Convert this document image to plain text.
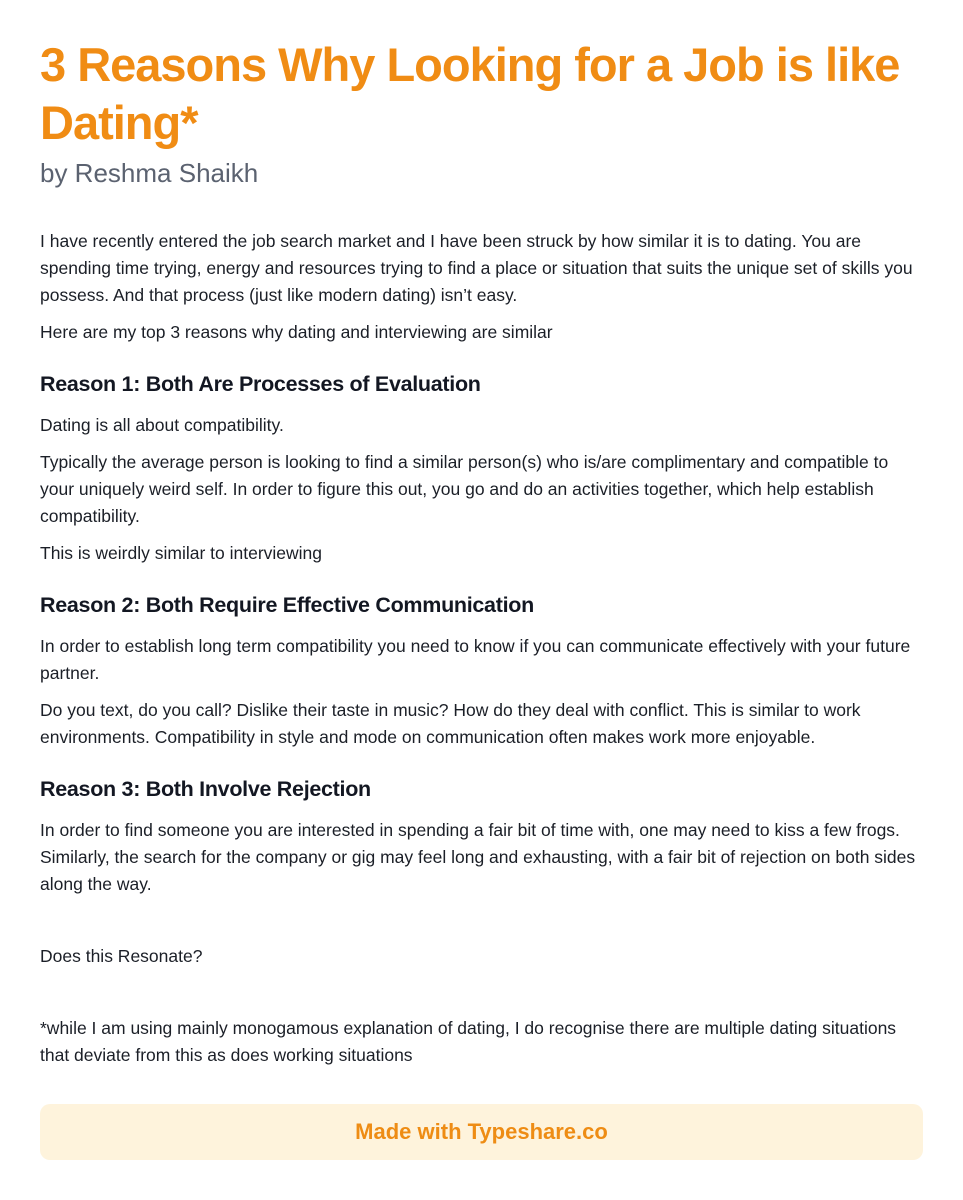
3 Reasons Why Looking for a Job is like Dating*
by Reshma Shaikh

I have recently entered the job search market and I have been struck by how similar it is to dating. You are spending time trying, energy and resources trying to find a place or situation that suits the unique set of skills you possess. And that process (just like modern dating) isn’t easy.

Here are my top 3 reasons why dating and interviewing are similar

Reason 1: Both Are Processes of Evaluation

Dating is all about compatibility.

Typically the average person is looking to find a similar person(s) who is/are complimentary and compatible to your uniquely weird self. In order to figure this out, you go and do an activities together, which help establish compatibility.

This is weirdly similar to interviewing

Reason 2: Both Require Effective Communication

In order to establish long term compatibility you need to know if you can communicate effectively with your future partner.

Do you text, do you call? Dislike their taste in music? How do they deal with conflict. This is similar to work environments. Compatibility in style and mode on communication often makes work more enjoyable.

Reason 3: Both Involve Rejection

In order to find someone you are interested in spending a fair bit of time with, one may need to kiss a few frogs. Similarly, the search for the company or gig may feel long and exhausting, with a fair bit of rejection on both sides along the way.

Does this Resonate?

*while I am using mainly monogamous explanation of dating, I do recognise there are multiple dating situations that deviate from this as does working situations

Made with Typeshare.co
